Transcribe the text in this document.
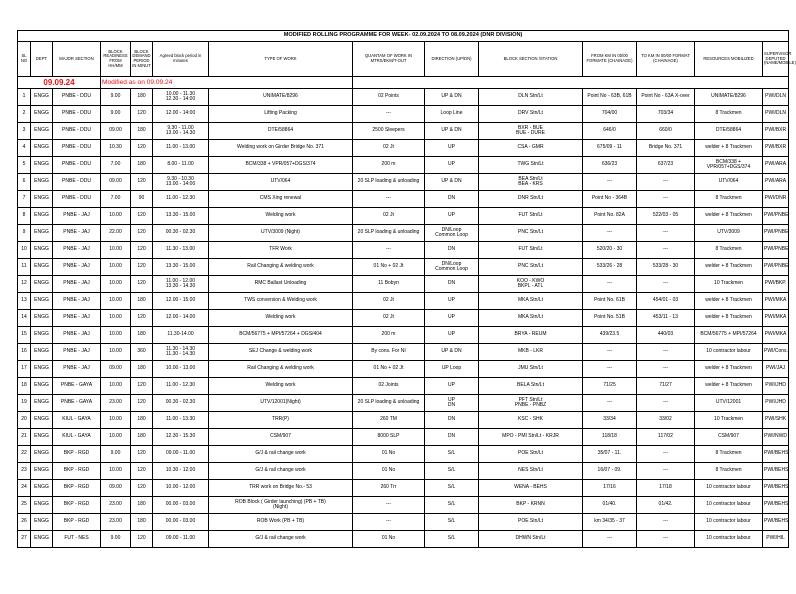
MODIFIED ROLLING PROGRAMME FOR WEEK- 02.09.2024 TO 08.09.2024 (DNR DIVISION)													
SL NO	DEPT	MAJOR SECTION	BLOCK READINESS FROM HH/MM	BLOCK DEMAND PERIOD IN MINUT	Agreed block period in minutes	TYPE OF WORK	QUANTAM OF WORK IN MTRS/EKM/T-OUT	DIRECTION (UP/DN)	BLOCK SECTION /STATION	FROM KM IN 00/00 FORMATE (CHAINAGE)	TO KM IN 00/00 FORMAT (CHAINAGE)	RESOURCES MOBILIZED	SUPERVISOR DEPUTED (NAME/MOBILE)
09.09.24			Modified as on 09.09.24										
1	ENGG	PNBE - DDU	9.00	180	10.00 - 11.30
12.30 - 14:00	UNIMATE/8296	02 Points	UP & DN	DLN Stn/Lt	Point No - 63B, 61B	Point No - 63A X-over	UNIMATE/8296	PWI/DLN
2	ENGG	PNBE - DDU	9.00	120	12.00 - 14:00	Lifting Packing	---	Loop Line	DRV Stn/Lt	704/00	703/34	8 Trackmen	PWI/DLN
3	ENGG	PNBE - DDU	09.00	180	9.30 - 11.00
13.00 - 14.30	DTE/58864	2500 Sleepers	UP & DN	BXR - BUE
BUE - DURE	646/0	660/0	DTE/58864	PWI/BXR
4	ENGG	PNBE - DDU	10.30	120	11.00 - 13.00	Welding work on Girder Bridge No. 371	02 Jt	UP	CSA - GMR	675/09 - 11	Bridge No. 371	welder + 8 Trackmen	PWI/BXR
5	ENGG	PNBE - DDU	7.00	180	8.00 - 11.00	BCM/338 + VPR/057+DGS/374	200 m	UP	TWG Stn/Lt	636/23	637/23	BCM/338 + VPR/057+DGS/374	PWI/ARA
6	ENGG	PNBE - DDU	09.00	120	9.30 - 10.30
13.00 - 14:00	UTV/064	20 SLP loading & unloading	UP & DN	BEA Stn/Lt
BEA - KRS	---	---	UTV/064	PWI/ARA
7	ENGG	PNBE - DDU	7.00	90	11.00 - 12.30	CMS Xing renewal	---	DN	DNR Stn/Lt	Point No - 364B	---	8 Trackmen	PWI/DNR
8	ENGG	PNBE - JAJ	10.00	120	13.30 - 15.00	Welding work	02 Jt	UP	FUT Stn/Lt	Point No. 82A	522/03 - 05	welder + 8 Trackmen	PWI/PNBE
9	ENGG	PNBE - JAJ	22.00	120	00.30 - 02.30	UTV/3009 (Night)	20 SLP loading & unloading	DN/Loop
Common Loop	PNC Stn/Lt	---	---	UTV/3009	PWI/PNBE
10	ENGG	PNBE - JAJ	10.00	120	11.30 - 13.00	TFR Work	---	DN	FUT Stn/Lt	520/20 - 30	---	8 Trackmen	PWI/PNBE
11	ENGG	PNBE - JAJ	10.00	120	13.30 - 15.00	Rail Changing & welding work	01 No + 02 Jt	DN/Loop
Common Loop	PNC Stn/Lt	533/26 - 28	533/28 - 30	welder + 8 Trackmen	PWI/PNBE
12	ENGG	PNBE - JAJ	10.00	120	11.00 - 12.00
13.30 - 14.30	RMC Ballast Unloading	11 Bobyn	DN	KOO - KWO
BKPL - ATL	---	---	10 Trackmen	PWI/BKP.
13	ENGG	PNBE - JAJ	10.00	180	12.00 - 15.00	TWS conversion & Welding work	02 Jt	UP	MKA Stn/Lt	Point No. 61B	454/01 - 03	welder + 8 Trackmen	PWI/MKA
14	ENGG	PNBE - JAJ	10.00	120	12.00 - 14.00	Welding work	02 Jt	UP	MKA Stn/Lt	Point No. 51B	453/11 - 13	welder + 8 Trackmen	PWI/MKA
15	ENGG	PNBE - JAJ	10.00	180	11.30-14.00	BCM/56775 + MPI/57264 + DGS/404	200 m	UP	BRYA - REUM	439/23.5	440/03	BCM/56775 + MPI/57264	PWI/MKA
16	ENGG	PNBE - JAJ	10.00	360	11.30 - 14.30
11.30 - 14.30	SEJ Change & welding work	By cons. For NI	UP & DN	MKB - LKR	---	---	10 contractor labour	PWI/Cons.
17	ENGG	PNBE - JAJ	09.00	180	10.00 - 13.00	Rail Changing & welding work	01 No + 02 Jt	UP Loop	JMU Stn/Lt	---	---	welder + 8 Trackmen	PWI/JAJ
18	ENGG	PNBE - GAYA	10.00	120	11.00 - 12.30	Welding work	02 Joints	UP	BELA Stn/Lt	71/25	71/27	welder + 8 Trackmen	PWI/JHD
19	ENGG	PNBE - GAYA	23.00	120	00.30 - 02.30	UTV/12001(Night)	20 SLP loading & unloading	UP
DN	PFT Stn/Lt
PNBE - PNBZ	---	---	UTV/12001	PWI/JHD
20	ENGG	KIUL - GAYA	10.00	180	11.00 - 13.30	TRR(P)	260 TM	DN	KSC - SHK	33/34	33/02	10 Trackmen	PWI/SHK
21	ENGG	KIUL - GAYA	10.00	180	12.30 - 15.30	CSM/907	8000 SLP	DN	MPO - PMI Stn/Lt - KRJR	118/18	117/02	CSM/907	PWI/NWD
22	ENGG	BKP - RGD	9.00	120	09.00 - 11.00	G/J & rail change work	01 No	S/L	POE Stn/Lt	35/07 - 11.	---	8 Trackmen	PWI/BEHS
23	ENGG	BKP - RGD	10.00	120	10.30 - 12.00	G/J & rail change work	01 No	S/L	NES Stn/Lt	16/07 - 09.	---	8 Trackmen	PWI/BEHS
24	ENGG	BKP - RGD	09.00	120	10.00 - 12.00	TRR work on Bridge No.- 53	260 Trr	S/L	WENA - BEHS	17/16	17/18	10 contractor labour	PWI/BEHS
25	ENGG	BKP - RGD	23.00	180	00.00 - 03.00	ROB Block ( Girder launching) (PB + TB)
(Night)	---	S/L	BKP - KRNN	01/40.	01/42.	10 contractor labour	PWI/BEHS
26	ENGG	BKP - RGD	23.00	180	00.00 - 03.00	ROB Work (PB + TB)	---	S/L	POE Stn/Lt	km 34/35 - 37	---	10 contractor labour	PWI/BEHS
27	ENGG	FUT - NES	9.00	120	09.00 - 11.00	G/J & rail change work	01 No	S/L	DHWN Stn/Lt	---	---	10 contractor labour	PWI/HIL
